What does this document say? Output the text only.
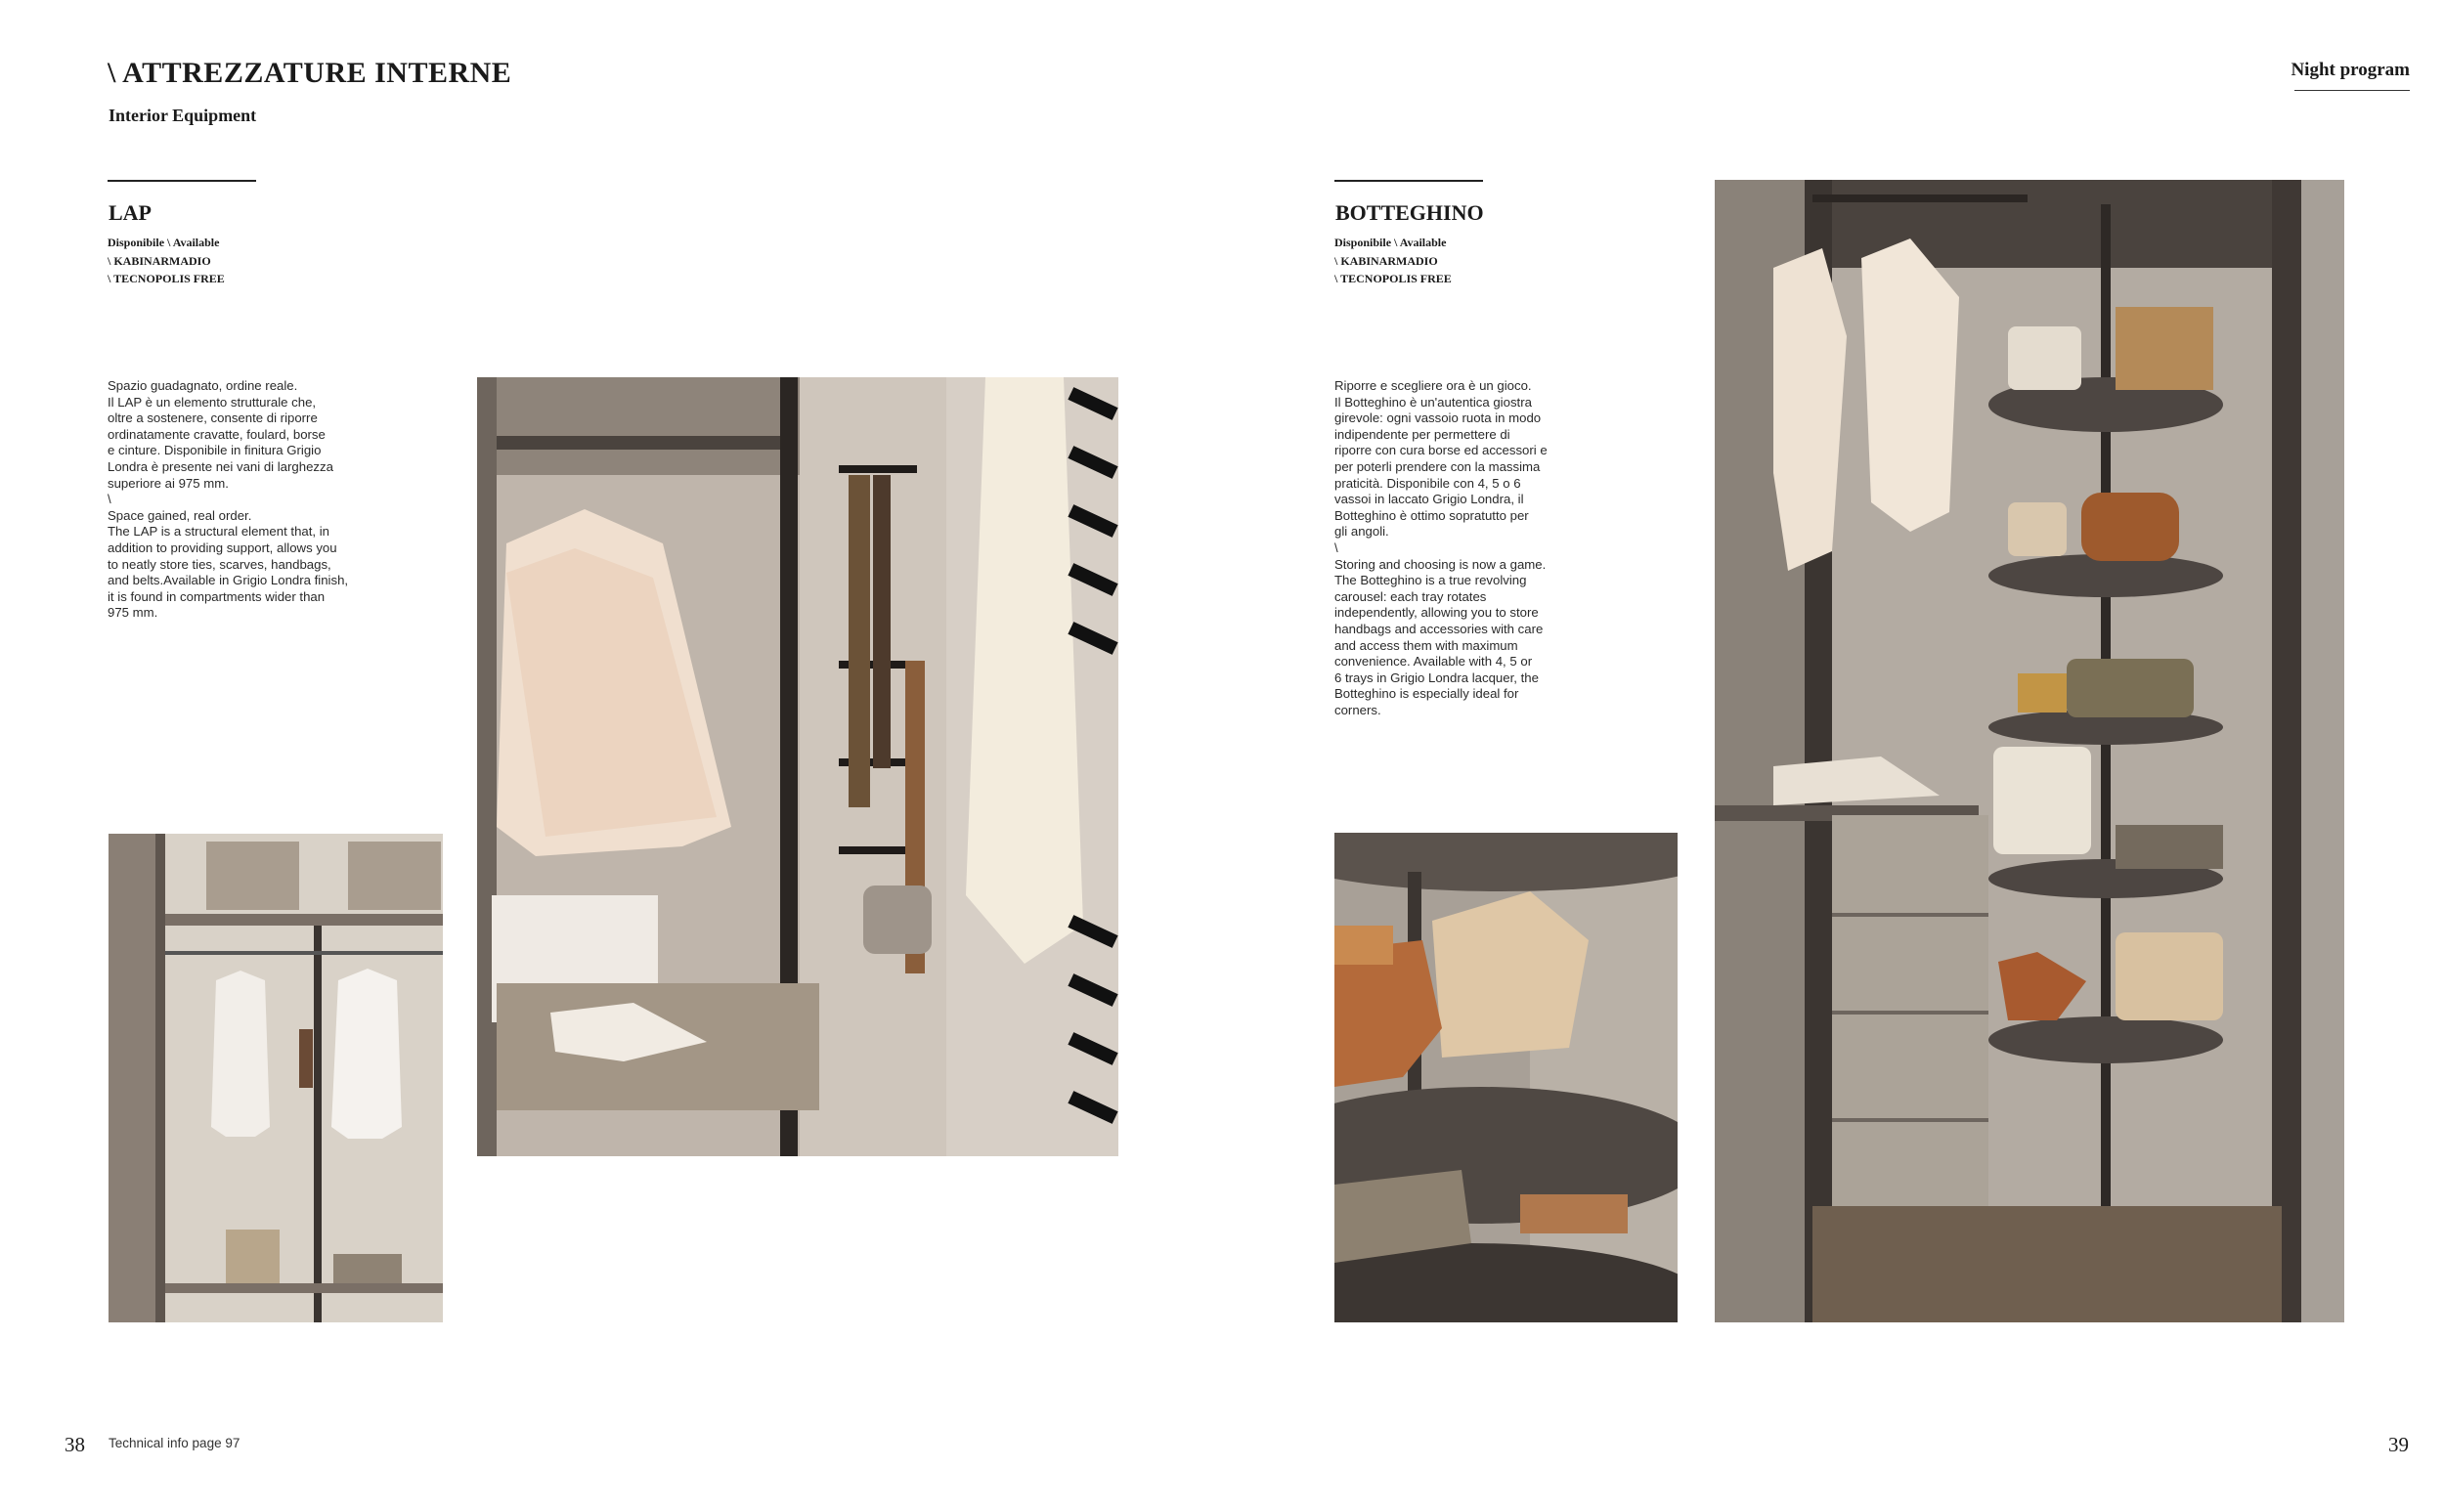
\ ATTREZZATURE INTERNE
Interior Equipment
Night program
LAP
Disponibile \ Available
\ KABINARMADIO
\ TECNOPOLIS FREE
Spazio guadagnato, ordine reale.
Il LAP è un elemento strutturale che,
oltre a sostenere, consente di riporre
ordinatamente cravatte, foulard, borse
e cinture. Disponibile in finitura Grigio
Londra è presente nei vani di larghezza
superiore ai 975 mm.
\
Space gained, real order.
The LAP is a structural element that, in
addition to providing support, allows you
to neatly store ties, scarves, handbags,
and belts.Available in Grigio Londra finish,
it is found in compartments wider than
975 mm.
BOTTEGHINO
Disponibile \ Available
\ KABINARMADIO
\ TECNOPOLIS FREE
Riporre e scegliere ora è un gioco.
Il Botteghino è un'autentica giostra
girevole: ogni vassoio ruota in modo
indipendente per permettere di
riporre con cura borse ed accessori e
per poterli prendere con la massima
praticità. Disponibile con 4, 5 o 6
vassoi in laccato Grigio Londra, il
Botteghino è ottimo sopratutto per
gli angoli.
\
Storing and choosing is now a game.
The Botteghino is a true revolving
carousel: each tray rotates
independently, allowing you to store
handbags and accessories with care
and access them with maximum
convenience. Available with 4, 5 or
6 trays in Grigio Londra lacquer, the
Botteghino is especially ideal for
corners.
38 Technical info page 97	39
